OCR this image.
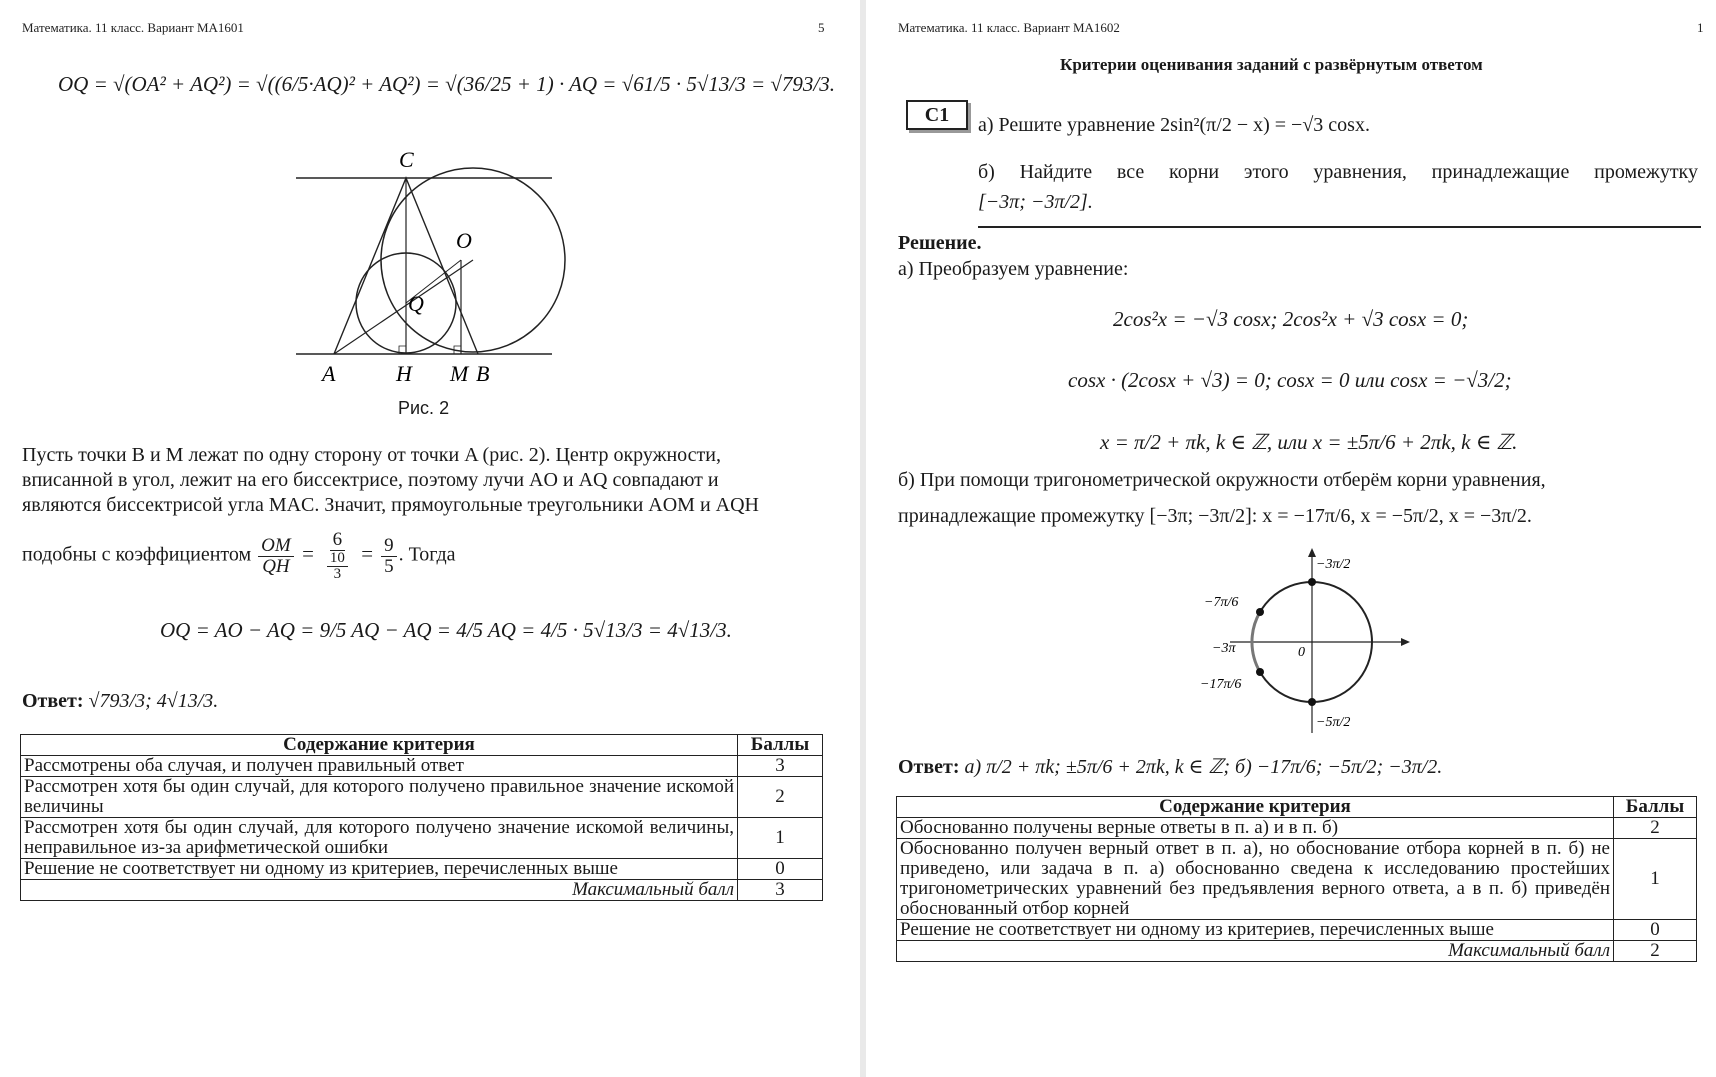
Математика. 11 класс. Вариант МА1601	5
OQ = √(OA² + AQ²) = √((6/5·AQ)² + AQ²) = √(36/25 + 1) · AQ = √61/5 · 5√13/3 = √793/3.
C
O
Q
A	H M B
Рис. 2
Пусть точки B и M лежат по одну сторону от точки A (рис. 2). Центр окружности,
вписанной в угол, лежит на его биссектрисе, поэтому лучи AO и AQ совпадают и
являются биссектрисой угла MAC. Значит, прямоугольные треугольники AOM и AQH
подобны с коэффициентом $\frac{OM}{QH} = \frac{6}{\frac{10}{3}} = \frac{9}{5}$ . Тогда
OQ = AO − AQ = 9/5 AQ − AQ = 4/5 AQ = 4/5 · 5√13/3 = 4√13/3.
Ответ: √793/3; 4√13/3.
Содержание критерия	Баллы
Рассмотрены оба случая, и получен правильный ответ	3
Рассмотрен хотя бы один случай, для которого получено правильное значение искомой величины	2
Рассмотрен хотя бы один случай, для которого получено значение искомой величины, неправильное из-за арифметической ошибки	1
Решение не соответствует ни одному из критериев, перечисленных выше	0
Максимальный балл	3
Математика. 11 класс. Вариант МА1602	1
Критерии оценивания заданий с развёрнутым ответом
C1	а) Решите уравнение 2sin²(π/2 − x) = −√3 cosx.
б) Найдите все корни этого уравнения, принадлежащие промежутку
[−3π; −3π/2].
Решение.
а) Преобразуем уравнение:
2cos²x = −√3 cosx; 2cos²x + √3 cosx = 0;
cosx · (2cosx + √3) = 0; cosx = 0 или cosx = −√3/2;
x = π/2 + πk, k ∈ ℤ, или x = ±5π/6 + 2πk, k ∈ ℤ.
б) При помощи тригонометрической окружности отберём корни уравнения,
принадлежащие промежутку [−3π; −3π/2]: x = −17π/6, x = −5π/2, x = −3π/2.
−3π/2
−7π/6
−3π	0
−17π/6
−5π/2
Ответ: а) π/2 + πk; ±5π/6 + 2πk, k ∈ ℤ; б) −17π/6; −5π/2; −3π/2.
Содержание критерия	Баллы
Обоснованно получены верные ответы в п. а) и в п. б)	2
Обоснованно получен верный ответ в п. а), но обоснование отбора корней в п. б) не приведено, или задача в п. а) обоснованно сведена к исследованию простейших тригонометрических уравнений без предъявления верного ответа, а в п. б) приведён обоснованный отбор корней	1
Решение не соответствует ни одному из критериев, перечисленных выше	0
Максимальный балл	2
